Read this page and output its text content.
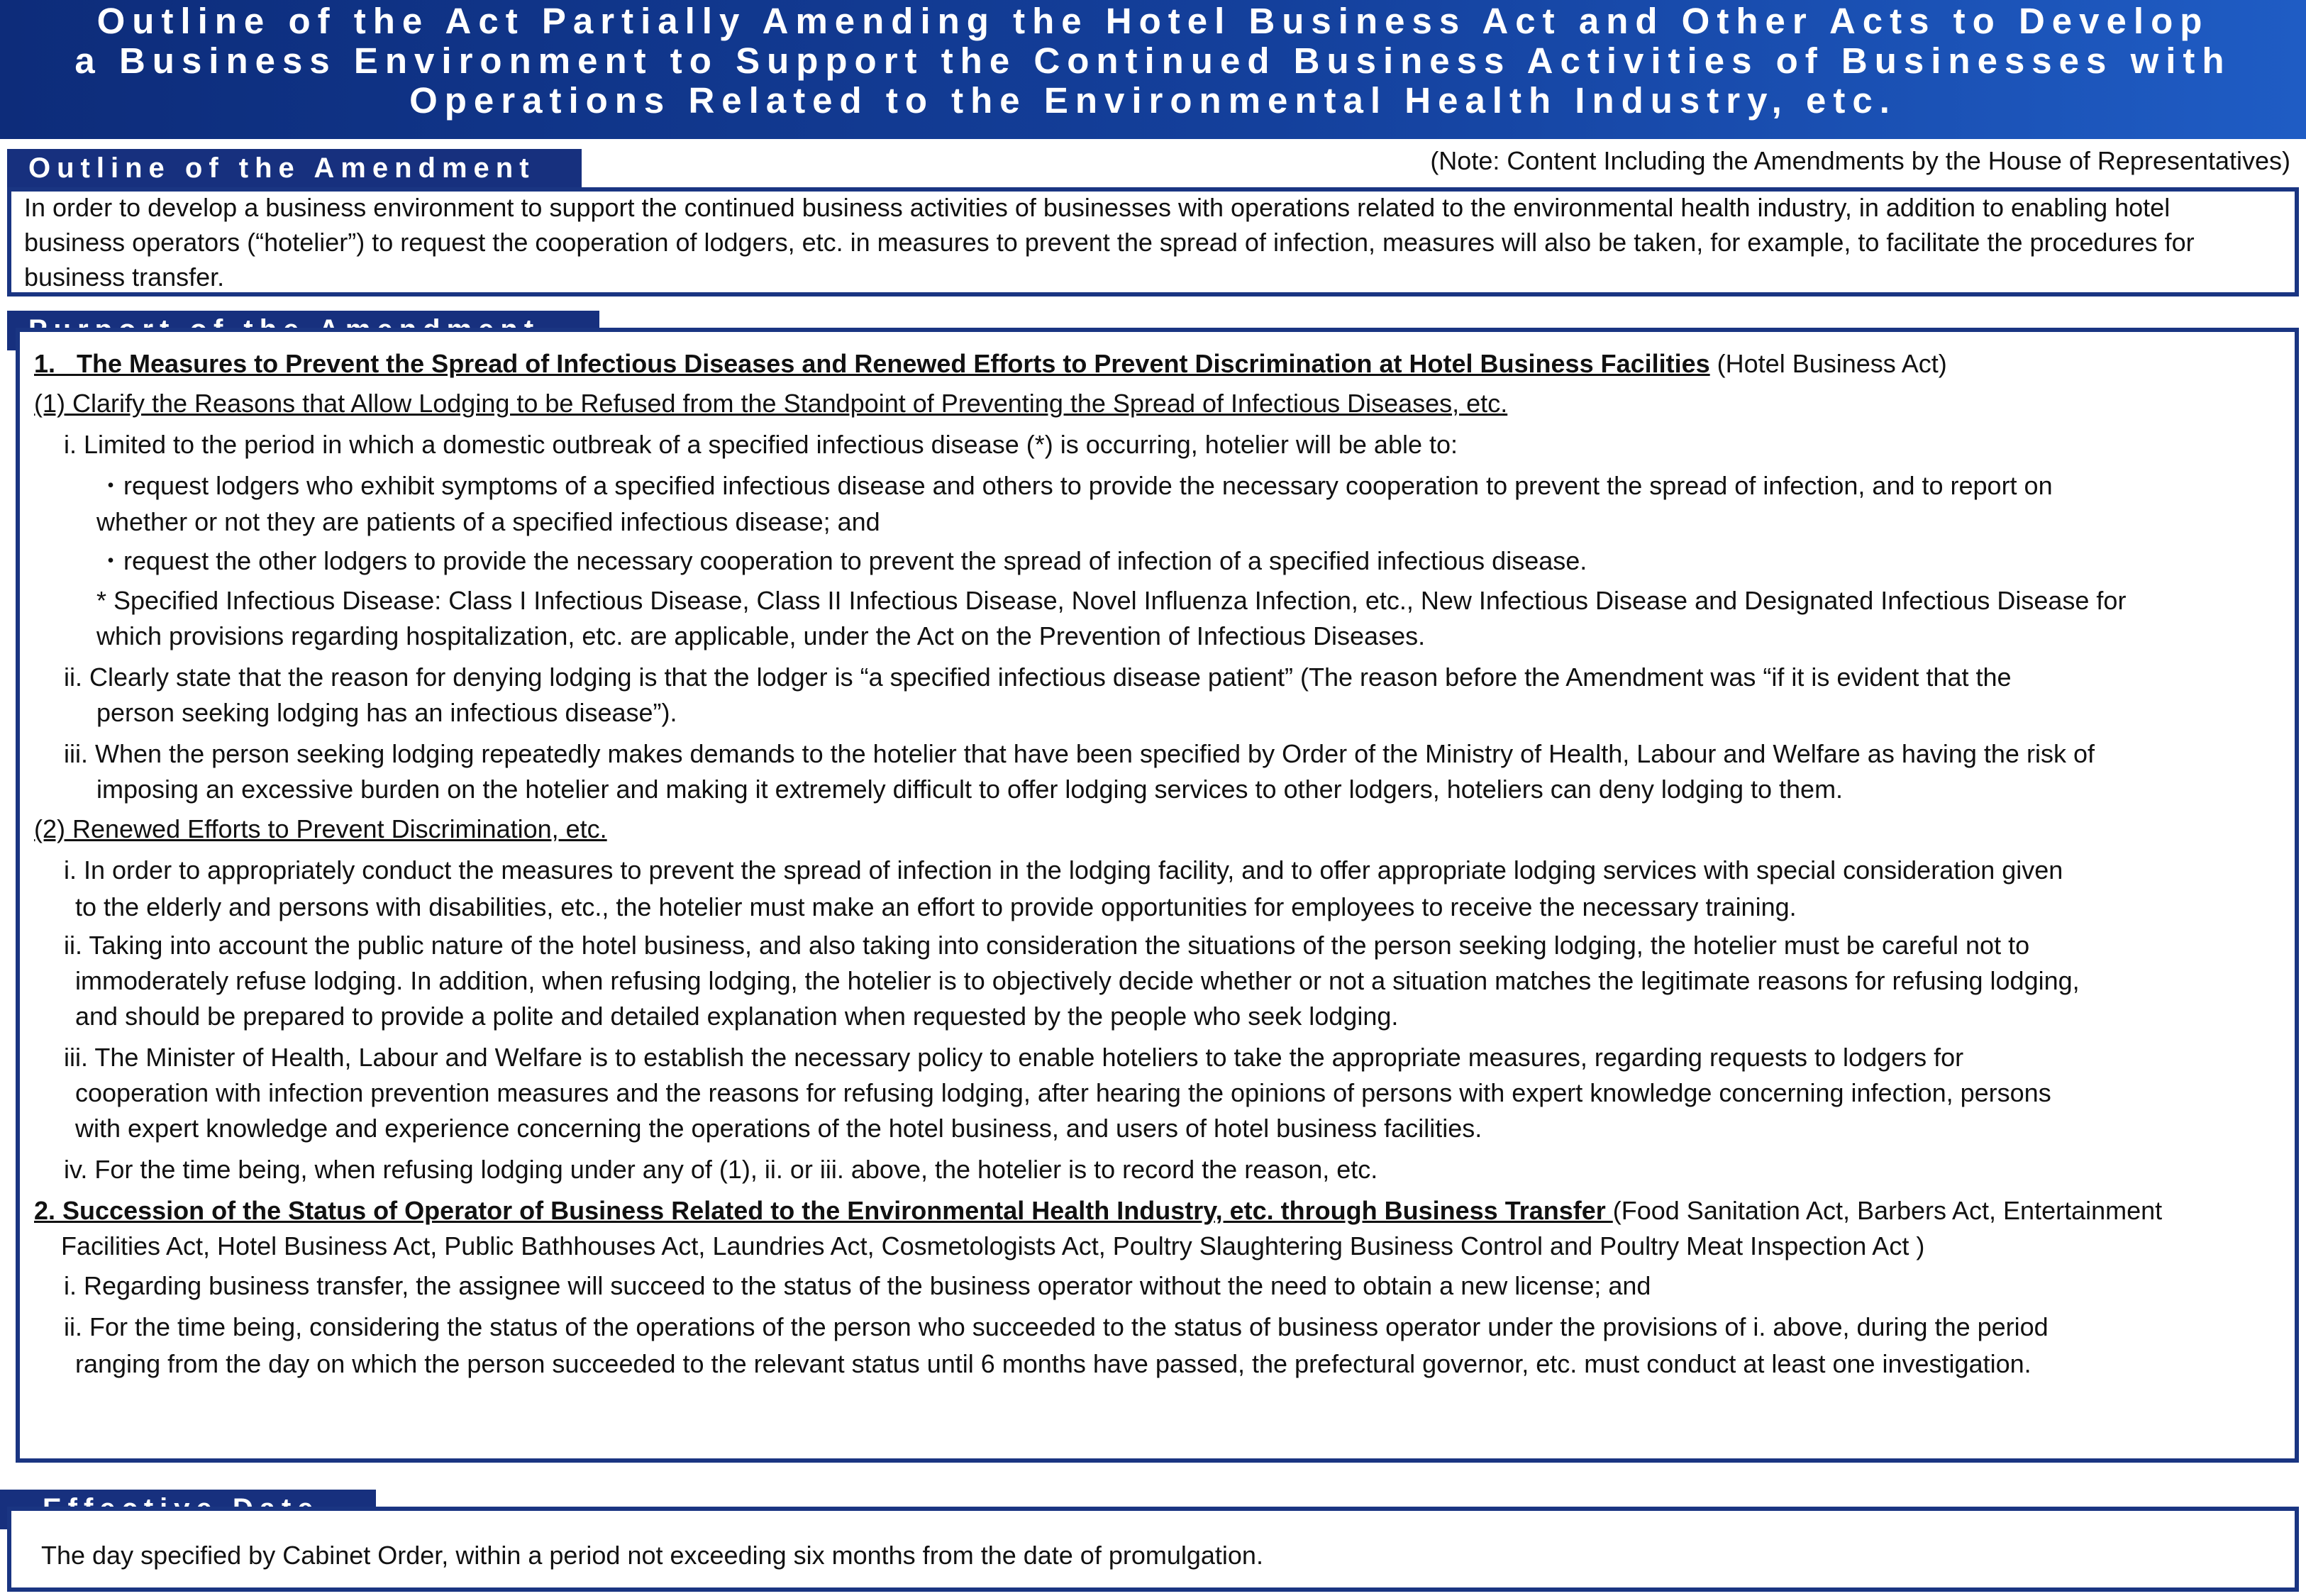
Outline of the Act Partially Amending the Hotel Business Act and Other Acts to Develop
a Business Environment to Support the Continued Business Activities of Businesses with
Operations Related to the Environmental Health Industry, etc.
Outline of the Amendment	(Note: Content Including the Amendments by the House of Representatives)
In order to develop a business environment to support the continued business activities of businesses with operations related to the environmental health industry, in addition to enabling hotel business operators (“hotelier”) to request the cooperation of lodgers, etc. in measures to prevent the spread of infection, measures will also be taken, for example, to facilitate the procedures for business transfer.
1.   The Measures to Prevent the Spread of Infectious Diseases and Renewed Efforts to Prevent Discrimination at Hotel Business Facilities (Hotel Business Act)
(1) Clarify the Reasons that Allow Lodging to be Refused from the Standpoint of Preventing the Spread of Infectious Diseases, etc.
i. Limited to the period in which a domestic outbreak of a specified infectious disease (*) is occurring, hotelier will be able to:
・request lodgers who exhibit symptoms of a specified infectious disease and others to provide the necessary cooperation to prevent the spread of infection, and to report on
whether or not they are patients of a specified infectious disease; and
・request the other lodgers to provide the necessary cooperation to prevent the spread of infection of a specified infectious disease.
* Specified Infectious Disease: Class I Infectious Disease, Class II Infectious Disease, Novel Influenza Infection, etc., New Infectious Disease and Designated Infectious Disease for
which provisions regarding hospitalization, etc. are applicable, under the Act on the Prevention of Infectious Diseases.
ii. Clearly state that the reason for denying lodging is that the lodger is “a specified infectious disease patient” (The reason before the Amendment was “if it is evident that the
person seeking lodging has an infectious disease”).
iii. When the person seeking lodging repeatedly makes demands to the hotelier that have been specified by Order of the Ministry of Health, Labour and Welfare as having the risk of
imposing an excessive burden on the hotelier and making it extremely difficult to offer lodging services to other lodgers, hoteliers can deny lodging to them.
(2) Renewed Efforts to Prevent Discrimination, etc.
i. In order to appropriately conduct the measures to prevent the spread of infection in the lodging facility, and to offer appropriate lodging services with special consideration given
to the elderly and persons with disabilities, etc., the hotelier must make an effort to provide opportunities for employees to receive the necessary training.
ii. Taking into account the public nature of the hotel business, and also taking into consideration the situations of the person seeking lodging, the hotelier must be careful not to
immoderately refuse lodging. In addition, when refusing lodging, the hotelier is to objectively decide whether or not a situation matches the legitimate reasons for refusing lodging,
and should be prepared to provide a polite and detailed explanation when requested by the people who seek lodging.
iii. The Minister of Health, Labour and Welfare is to establish the necessary policy to enable hoteliers to take the appropriate measures, regarding requests to lodgers for
cooperation with infection prevention measures and the reasons for refusing lodging, after hearing the opinions of persons with expert knowledge concerning infection, persons
with expert knowledge and experience concerning the operations of the hotel business, and users of hotel business facilities.
iv. For the time being, when refusing lodging under any of (1), ii. or iii. above, the hotelier is to record the reason, etc.
2. Succession of the Status of Operator of Business Related to the Environmental Health Industry, etc. through Business Transfer (Food Sanitation Act, Barbers Act, Entertainment
Facilities Act, Hotel Business Act, Public Bathhouses Act, Laundries Act, Cosmetologists Act, Poultry Slaughtering Business Control and Poultry Meat Inspection Act )
i. Regarding business transfer, the assignee will succeed to the status of the business operator without the need to obtain a new license; and
ii. For the time being, considering the status of the operations of the person who succeeded to the status of business operator under the provisions of i. above, during the period
ranging from the day on which the person succeeded to the relevant status until 6 months have passed, the prefectural governor, etc. must conduct at least one investigation.
The day specified by Cabinet Order, within a period not exceeding six months from the date of promulgation.
